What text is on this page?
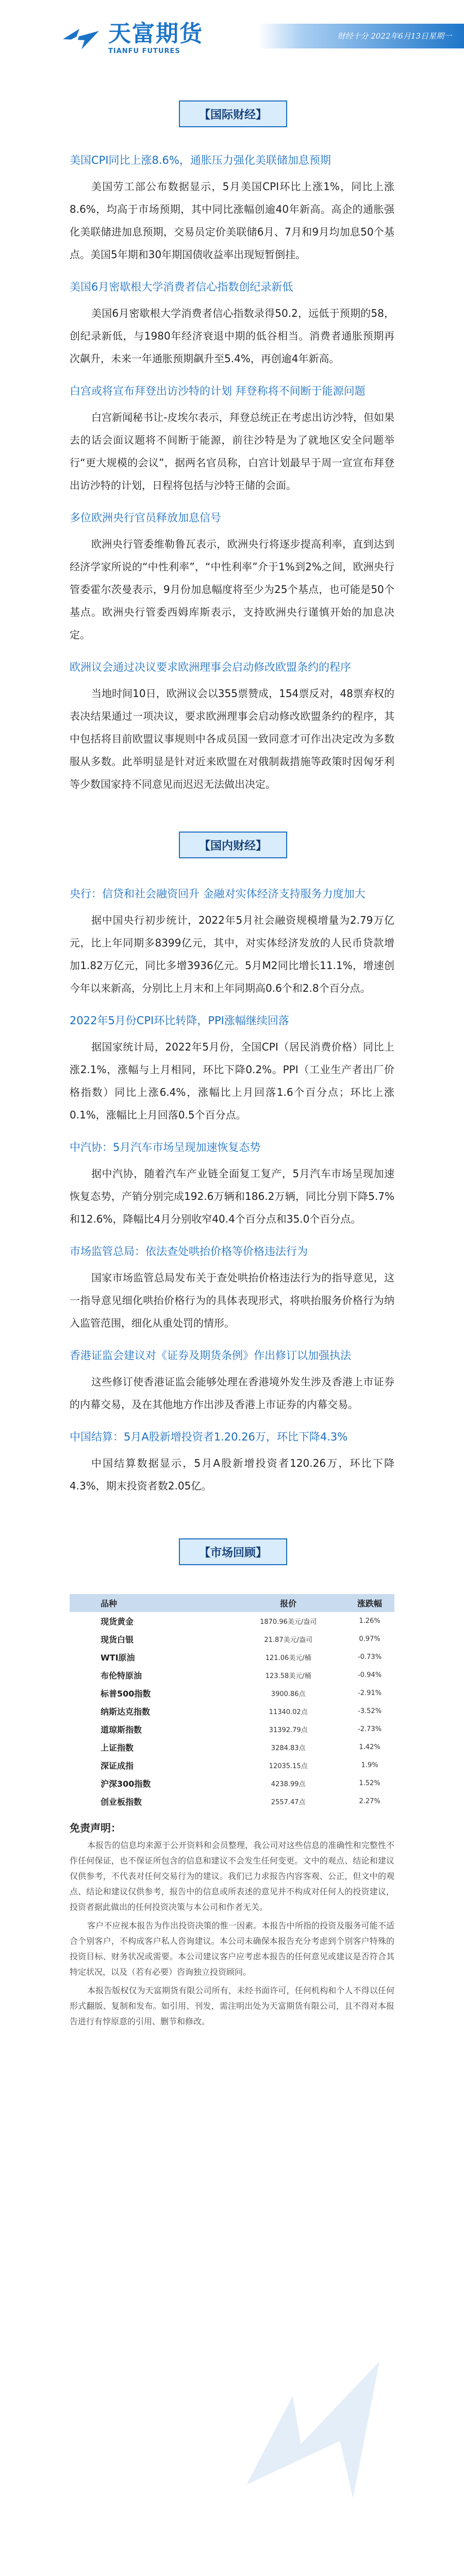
天富期货
TIANFU FUTURES
财经十分 2022年6月13日星期一
【国际财经】
美国CPI同比上涨8.6%，通胀压力强化美联储加息预期
美国劳工部公布数据显示，5月美国CPI环比上涨1%，同比上涨8.6%，均高于市场预期，其中同比涨幅创逾40年新高。高企的通胀强化美联储进加息预期，交易员定价美联储6月、7月和9月均加息50个基点。美国5年期和30年期国债收益率出现短暂倒挂。
美国6月密歇根大学消费者信心指数创纪录新低
美国6月密歇根大学消费者信心指数录得50.2，远低于预期的58，创纪录新低，与1980年经济衰退中期的低谷相当。消费者通胀预期再次飙升，未来一年通胀预期飙升至5.4%，再创逾4年新高。
白宫或将宣布拜登出访沙特的计划 拜登称将不间断于能源问题
白宫新闻秘书让-皮埃尔表示，拜登总统正在考虑出访沙特，但如果去的话会面议题将不间断于能源，前往沙特是为了就地区安全问题举行“更大规模的会议”，据两名官员称，白宫计划最早于周一宣宣布拜登出访沙特的计划，日程将包括与沙特王储的会面。
多位欧洲央行官员释放加息信号
欧洲央行管委维勒鲁瓦表示，欧洲央行将逐步提高利率，直到达到经济学家所说的“中性利率”，“中性利率”介于1%到2%之间，欧洲央行管委霍尔茨曼表示，9月份加息幅度将至少为25个基点，也可能是50个基点。欧洲央行管委西姆库斯表示，支持欧洲央行谨慎开始的加息决定。
欧洲议会通过决议要求欧洲理事会启动修改欧盟条约的程序
当地时间10日，欧洲议会以355票赞成，154票反对，48票弃权的表决结果通过一项决议，要求欧洲理事会启动修改欧盟条约的程序，其中包括将目前欧盟议事规则中各成员国一致同意才可作出决定改为多数服从多数。此举明显是针对近来欧盟在对俄制裁措施等政策时因匈牙利等少数国家持不同意见而迟迟无法做出决定。
【国内财经】
央行：信贷和社会融资回升 金融对实体经济支持服务力度加大
据中国央行初步统计，2022年5月社会融资规模增量为2.79万亿元，比上年同期多8399亿元，其中，对实体经济发放的人民币贷款增加1.82万亿元，同比多增3936亿元。5月M2同比增长11.1%，增速创今年以来新高，分别比上月末和上年同期高0.6个和2.8个百分点。
2022年5月份CPI环比转降，PPI涨幅继续回落
据国家统计局，2022年5月份，全国CPI（居民消费价格）同比上涨2.1%，涨幅与上月相同，环比下降0.2%。PPI（工业生产者出厂价格指数）同比上涨6.4%，涨幅比上月回落1.6个百分点；环比上涨0.1%，涨幅比上月回落0.5个百分点。
中汽协：5月汽车市场呈现加速恢复态势
据中汽协，随着汽车产业链全面复工复产，5月汽车市场呈现加速恢复态势，产销分别完成192.6万辆和186.2万辆，同比分别下降5.7%和12.6%，降幅比4月分别收窄40.4个百分点和35.0个百分点。
市场监管总局：依法查处哄抬价格等价格违法行为
国家市场监管总局发布关于查处哄抬价格违法行为的指导意见，这一指导意见细化哄抬价格行为的具体表现形式，将哄抬服务价格行为纳入监管范围，细化从重处罚的情形。
香港证监会建议对《证券及期货条例》作出修订以加强执法
这些修订使香港证监会能够处理在香港境外发生涉及香港上市证券的内幕交易，及在其他地方作出涉及香港上市证券的内幕交易。
中国结算：5月A股新增投资者1.20.26万，环比下降4.3%
中国结算数据显示，5月A股新增投资者120.26万，环比下降4.3%，期末投资者数2.05亿。
【市场回顾】
品种	报价	涨跌幅
现货黄金	1870.96美元/盎司	1.26%
现货白银	21.87美元/盎司	0.97%
WTI原油	121.06美元/桶	-0.73%
布伦特原油	123.58美元/桶	-0.94%
标普500指数	3900.86点	-2.91%
纳斯达克指数	11340.02点	-3.52%
道琼斯指数	31392.79点	-2.73%
上证指数	3284.83点	1.42%
深证成指	12035.15点	1.9%
沪深300指数	4238.99点	1.52%
创业板指数	2557.47点	2.27%
免责声明：
本报告的信息均来源于公开资料和会员整理，我公司对这些信息的准确性和完整性不作任何保证，也不保证所包含的信息和建议不会发生任何变更。文中的观点、结论和建议仅供参考，不代表对任何交易行为的建议。我们已力求报告内容客观、公正，但文中的观点、结论和建议仅供参考，报告中的信息或所表述的意见并不构成对任何人的投资建议，投资者据此做出的任何投资决策与本公司和作者无关。
客户不应视本报告为作出投资决策的惟一因素。本报告中所指的投资及服务可能不适合个别客户，不构成客户私人咨询建议。本公司未确保本报告充分考虑到个别客户特殊的投资目标、财务状况或需要。本公司建议客户应考虑本报告的任何意见或建议是否符合其特定状况，以及（若有必要）咨询独立投资顾问。
本报告版权仅为天富期货有限公司所有，未经书面许可，任何机构和个人不得以任何形式翻版、复制和发布。如引用、刊发，需注明出处为天富期货有限公司，且不得对本报告进行有悖原意的引用、删节和修改。
